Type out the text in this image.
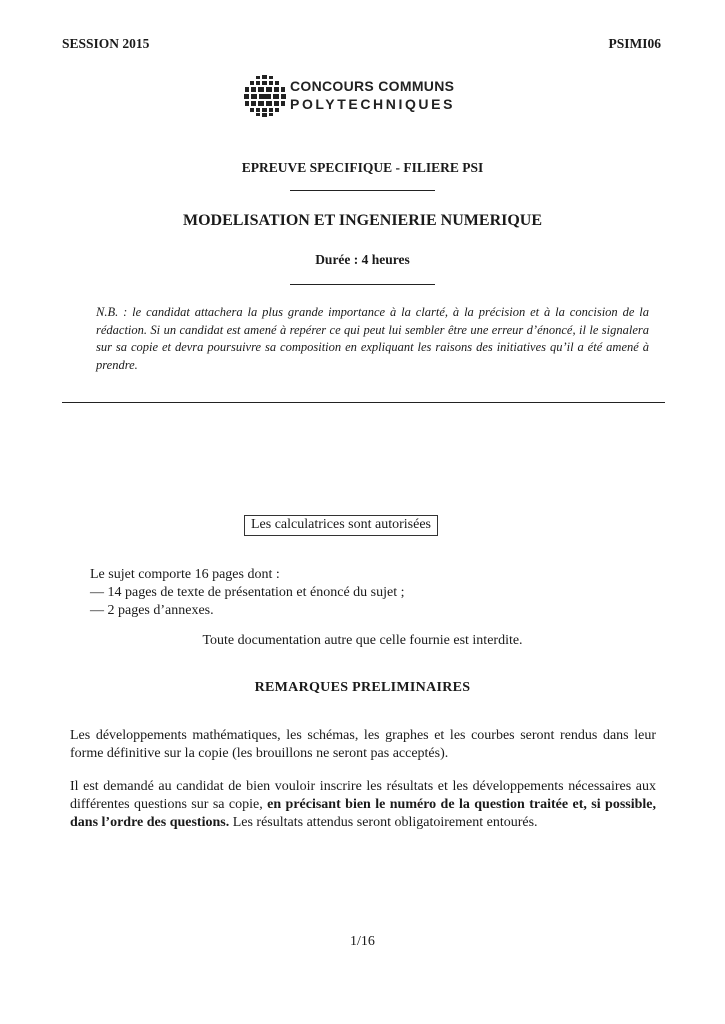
SESSION 2015	PSIMI06
CONCOURS COMMUNS
POLYTECHNIQUES
EPREUVE SPECIFIQUE - FILIERE PSI
MODELISATION ET INGENIERIE NUMERIQUE
Durée : 4 heures
N.B. : le candidat attachera la plus grande importance à la clarté, à la précision et à la concision de la rédaction. Si un candidat est amené à repérer ce qui peut lui sembler être une erreur d’énoncé, il le signalera sur sa copie et devra poursuivre sa composition en expliquant les raisons des initiatives qu’il a été amené à prendre.
Les calculatrices sont autorisées
Le sujet comporte 16 pages dont :
— 14 pages de texte de présentation et énoncé du sujet ;
— 2 pages d’annexes.
Toute documentation autre que celle fournie est interdite.
REMARQUES PRELIMINAIRES
Les développements mathématiques, les schémas, les graphes et les courbes seront rendus dans leur forme définitive sur la copie (les brouillons ne seront pas acceptés).
Il est demandé au candidat de bien vouloir inscrire les résultats et les développements nécessaires aux différentes questions sur sa copie, en précisant bien le numéro de la question traitée et, si possible, dans l’ordre des questions. Les résultats attendus seront obligatoirement entourés.
1/16
